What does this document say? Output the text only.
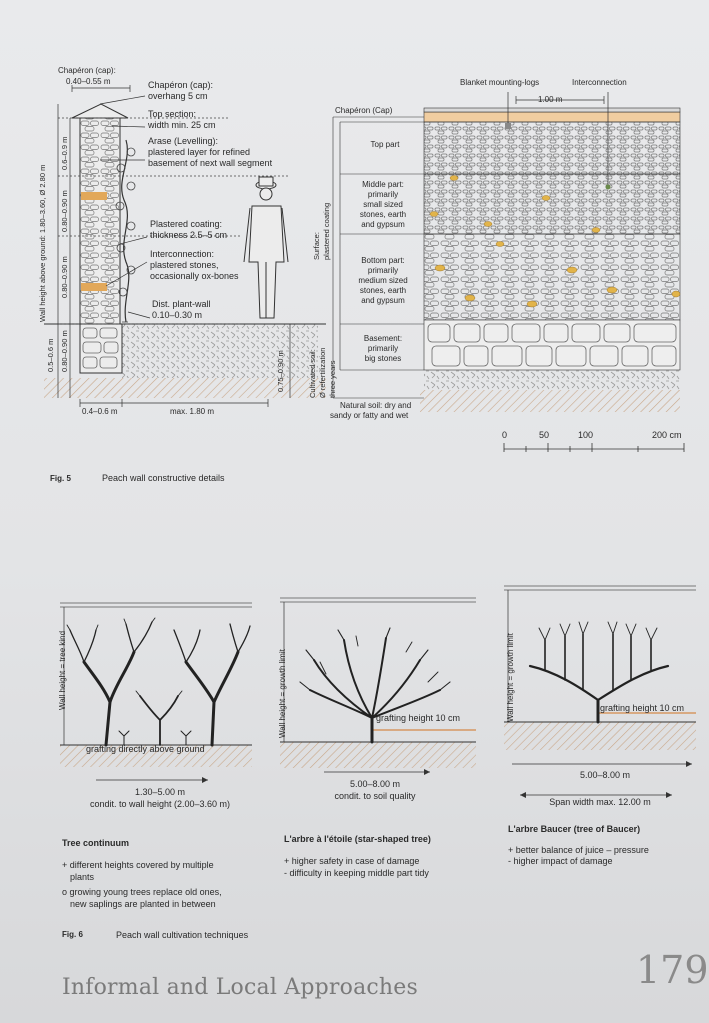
Chapéron (cap):
0.40–0.55 m	Chapéron (cap):
overhang 5 cm
Top section:
width min. 25 cm
Arase (Levelling):
plastered layer for refined
basement of next wall segment
Plastered coating:
thickness 2.5–5 cm
Interconnection:
plastered stones,
occasionally ox-bones
Dist. plant-wall
0.10–0.30 m
Wall height above ground: 1.80–3.60, Ø 2.80 m
0.6–0.9 m
0.80–0.90 m
0.80–0.90 m
0.80–0.90 m
0.5–0.6 m	0.75–0.90 m
0.4–0.6 m	max. 1.80 m
Blanket mounting-logs	Interconnection
1.00 m
Chapéron (Cap)
Top part
Middle part:
primarily
small sized
stones, earth
and gypsum
Bottom part:
primarily
medium sized
stones, earth
and gypsum
Basement:
primarily
big stones
Surface: plastered coating
Cultivated soil: Ø refertilization three years
Natural soil: dry and
sandy or fatty and wet
0	50	100	200 cm
Fig. 5	Peach wall constructive details
Wall height = tree kind
grafting directly above ground
1.30–5.00 m
condit. to wall height (2.00–3.60 m)
Tree continuum
+ different heights covered by multiple
plants
o growing young trees replace old ones,
new saplings are planted in between
Wall height = growth limit	grafting height 10 cm
5.00–8.00 m
condit. to soil quality
L'arbre à l'étoile (star-shaped tree)
+ higher safety in case of damage
- difficulty in keeping middle part tidy
Wall height = growth limit	grafting height 10 cm
5.00–8.00 m
Span width max. 12.00 m
L'arbre Baucer (tree of Baucer)
+ better balance of juice – pressure
- higher impact of damage
Fig. 6	Peach wall cultivation techniques
179
Informal and Local Approaches
